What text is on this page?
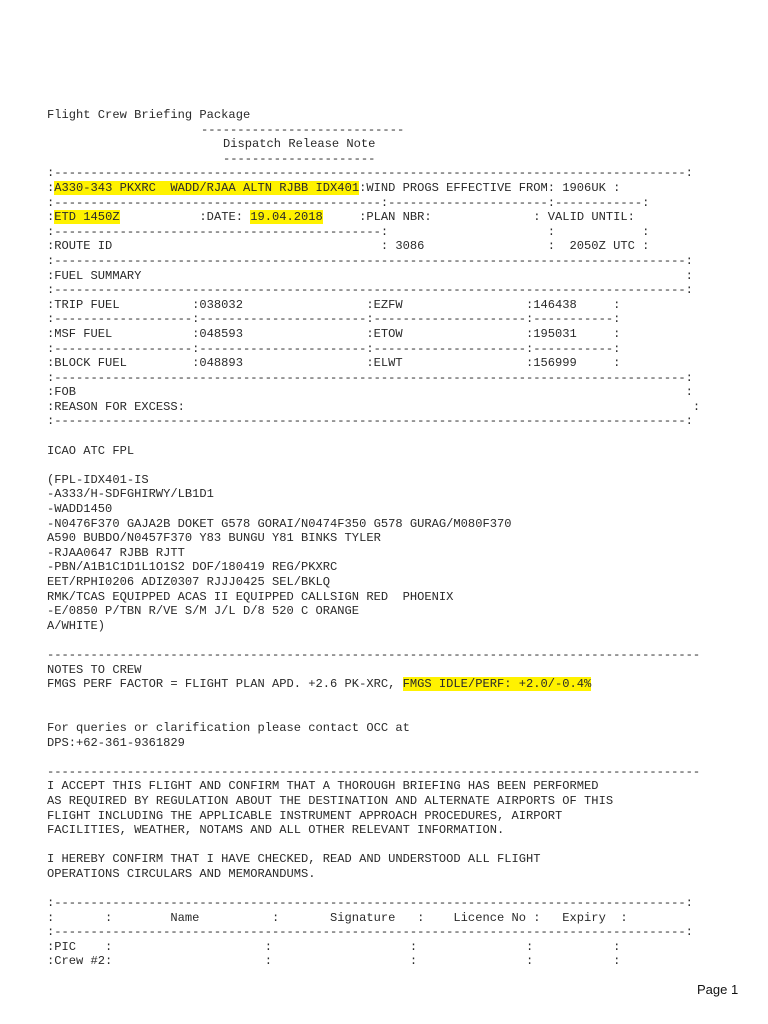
Flight Crew Briefing Package
----------------------------
Dispatch Release Note
---------------------
:---------------------------------------------------------------------------------------:
:A330-343 PKXRC  WADD/RJAA ALTN RJBB IDX401:WIND PROGS EFFECTIVE FROM: 1906UK :
:---------------------------------------------:----------------------:------------:
:ETD 1450Z           :DATE: 19.04.2018     :PLAN NBR:              : VALID UNTIL:
:---------------------------------------------:                      :            :
:ROUTE ID                                     : 3086                 :  2050Z UTC :
:---------------------------------------------------------------------------------------:
:FUEL SUMMARY                                                                           :
:---------------------------------------------------------------------------------------:
:TRIP FUEL          :038032                 :EZFW                 :146438     :
:-------------------:-----------------------:---------------------:-----------:
:MSF FUEL           :048593                 :ETOW                 :195031     :
:-------------------:-----------------------:---------------------:-----------:
:BLOCK FUEL         :048893                 :ELWT                 :156999     :
:---------------------------------------------------------------------------------------:
:FOB                                                                                    :
:REASON FOR EXCESS:                                                                      :
:---------------------------------------------------------------------------------------:

ICAO ATC FPL

(FPL-IDX401-IS
-A333/H-SDFGHIRWY/LB1D1
-WADD1450
-N0476F370 GAJA2B DOKET G578 GORAI/N0474F350 G578 GURAG/M080F370
A590 BUBDO/N0457F370 Y83 BUNGU Y81 BINKS TYLER
-RJAA0647 RJBB RJTT
-PBN/A1B1C1D1L1O1S2 DOF/180419 REG/PKXRC
EET/RPHI0206 ADIZ0307 RJJJ0425 SEL/BKLQ
RMK/TCAS EQUIPPED ACAS II EQUIPPED CALLSIGN RED  PHOENIX
-E/0850 P/TBN R/VE S/M J/L D/8 520 C ORANGE
A/WHITE)

------------------------------------------------------------------------------------------
NOTES TO CREW
FMGS PERF FACTOR = FLIGHT PLAN APD. +2.6 PK-XRC, FMGS IDLE/PERF: +2.0/-0.4%

For queries or clarification please contact OCC at
DPS:+62-361-9361829

------------------------------------------------------------------------------------------
I ACCEPT THIS FLIGHT AND CONFIRM THAT A THOROUGH BRIEFING HAS BEEN PERFORMED
AS REQUIRED BY REGULATION ABOUT THE DESTINATION AND ALTERNATE AIRPORTS OF THIS
FLIGHT INCLUDING THE APPLICABLE INSTRUMENT APPROACH PROCEDURES, AIRPORT
FACILITIES, WEATHER, NOTAMS AND ALL OTHER RELEVANT INFORMATION.

I HEREBY CONFIRM THAT I HAVE CHECKED, READ AND UNDERSTOOD ALL FLIGHT
OPERATIONS CIRCULARS AND MEMORANDUMS.

:---------------------------------------------------------------------------------------:
:       :        Name          :       Signature   :    Licence No :   Expiry  :
:---------------------------------------------------------------------------------------:
:PIC    :                     :                   :               :           :
:Crew #2:                     :                   :               :           :
Page 1
